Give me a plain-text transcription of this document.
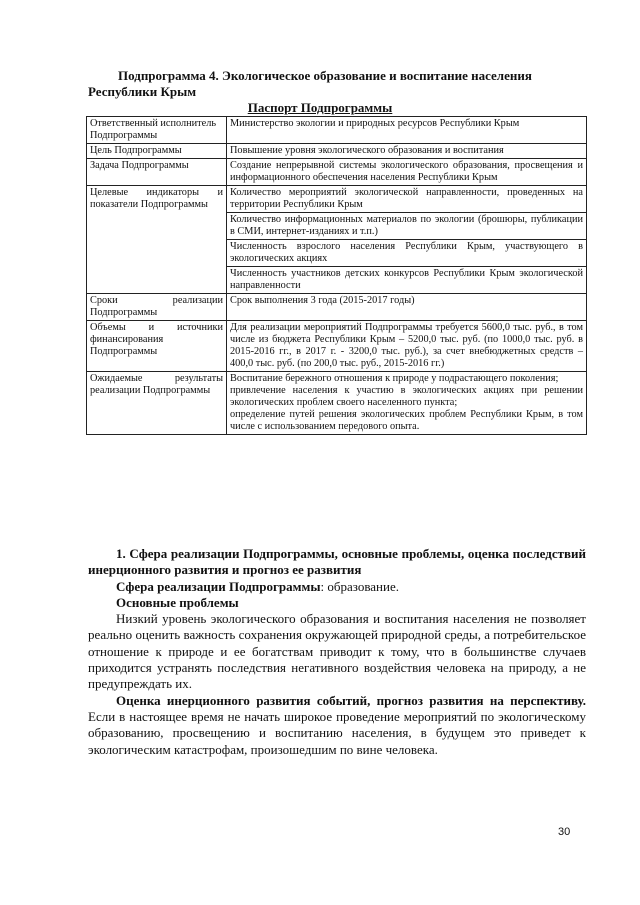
Подпрограмма 4. Экологическое образование и воспитание населения
Республики Крым
Паспорт Подпрограммы
Ответственный исполнитель Подпрограммы	Министерство экологии и природных ресурсов Республики Крым
Цель Подпрограммы	Повышение уровня экологического образования и воспитания
Задача Подпрограммы	Создание непрерывной системы экологического образования, просвещения и информационного обеспечения населения Республики Крым
Целевые индикаторы и показатели Подпрограммы	Количество мероприятий экологической направленности, проведенных на территории Республики Крым
	Количество информационных материалов по экологии (брошюры, публикации в СМИ, интернет-изданиях и т.п.)
	Численность взрослого населения Республики Крым, участвующего в экологических акциях
	Численность участников детских конкурсов Республики Крым экологической направленности
Сроки реализации Подпрограммы	Срок выполнения 3 года (2015-2017 годы)
Объемы и источники финансирования Подпрограммы	Для реализации мероприятий Подпрограммы требуется 5600,0 тыс. руб., в том числе из бюджета Республики Крым – 5200,0 тыс. руб. (по 1000,0 тыс. руб. в 2015-2016 гг., в 2017 г. - 3200,0 тыс. руб.), за счет внебюджетных средств – 400,0 тыс. руб. (по 200,0 тыс. руб., 2015-2016 гг.)
Ожидаемые результаты реализации Подпрограммы	Воспитание бережного отношения к природе у подрастающего поколения;
привлечение населения к участию в экологических акциях при решении экологических проблем своего населенного пункта;
определение путей решения экологических проблем Республики Крым, в том числе с использованием передового опыта.
1. Сфера реализации Подпрограммы, основные проблемы, оценка последствий инерционного развития и прогноз ее развития
Сфера реализации Подпрограммы: образование.
Основные проблемы
Низкий уровень экологического образования и воспитания населения не позволяет реально оценить важность сохранения окружающей природной среды, а потребительское отношение к природе и ее богатствам приводит к тому, что в большинстве случаев приходится устранять последствия негативного воздействия человека на природу, а не предупреждать их.
Оценка инерционного развития событий, прогноз развития на перспективу. Если в настоящее время не начать широкое проведение мероприятий по экологическому образованию, просвещению и воспитанию населения, в будущем это приведет к экологическим катастрофам, произошедшим по вине человека.
30
